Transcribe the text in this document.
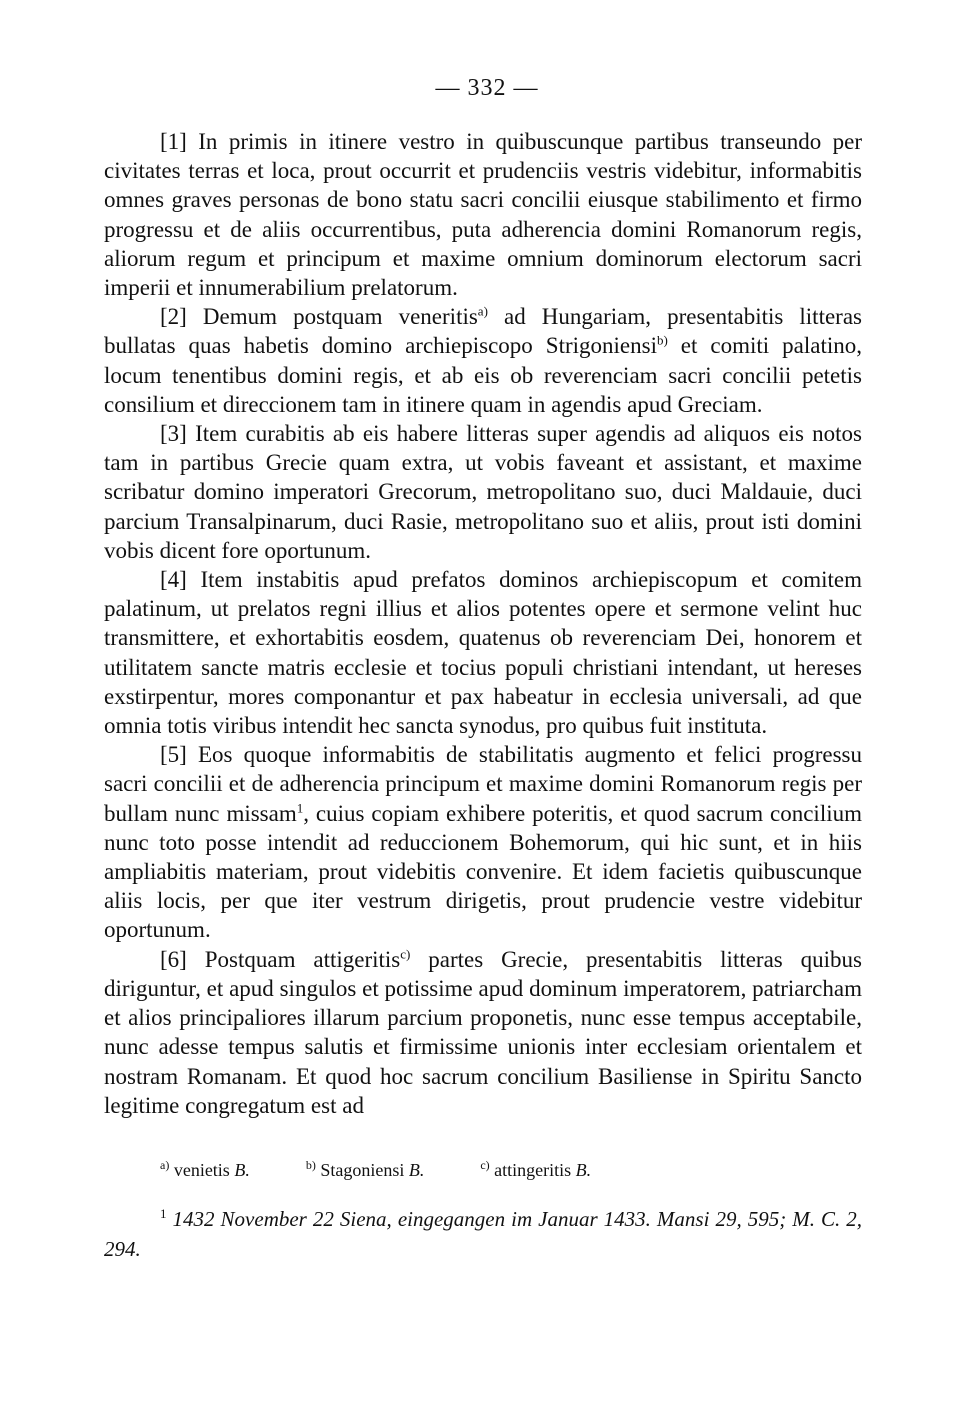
— 332 —

[1] In primis in itinere vestro in quibuscunque partibus transeundo per civitates terras et loca, prout occurrit et prudenciis vestris videbitur, informabitis omnes graves personas de bono statu sacri concilii eiusque stabilimento et firmo progressu et de aliis occurrentibus, puta adherencia domini Romanorum regis, aliorum regum et principum et maxime omnium dominorum electorum sacri imperii et innumerabilium prelatorum.

[2] Demum postquam veneritis$^{a)}$ ad Hungariam, presentabitis litteras bullatas quas habetis domino archiepiscopo Strigoniensi$^{b)}$ et comiti palatino, locum tenentibus domini regis, et ab eis ob reverenciam sacri concilii petetis consilium et direccionem tam in itinere quam in agendis apud Greciam.

[3] Item curabitis ab eis habere litteras super agendis ad aliquos eis notos tam in partibus Grecie quam extra, ut vobis faveant et assistant, et maxime scribatur domino imperatori Grecorum, metropolitano suo, duci Maldauie, duci parcium Transalpinarum, duci Rasie, metropolitano suo et aliis, prout isti domini vobis dicent fore oportunum.

[4] Item instabitis apud prefatos dominos archiepiscopum et comitem palatinum, ut prelatos regni illius et alios potentes opere et sermone velint huc transmittere, et exhortabitis eosdem, quatenus ob reverenciam Dei, honorem et utilitatem sancte matris ecclesie et tocius populi christiani intendant, ut hereses exstirpentur, mores componantur et pax habeatur in ecclesia universali, ad que omnia totis viribus intendit hec sancta synodus, pro quibus fuit instituta.

[5] Eos quoque informabitis de stabilitatis augmento et felici progressu sacri concilii et de adherencia principum et maxime domini Romanorum regis per bullam nunc missam$^1$, cuius copiam exhibere poteritis, et quod sacrum concilium nunc toto posse intendit ad reduccionem Bohemorum, qui hic sunt, et in hiis ampliabitis materiam, prout videbitis convenire. Et idem facietis quibuscunque aliis locis, per que iter vestrum dirigetis, prout prudencie vestre videbitur oportunum.

[6] Postquam attigeritis$^{c)}$ partes Grecie, presentabitis litteras quibus diriguntur, et apud singulos et potissime apud dominum imperatorem, patriarcham et alios principaliores illarum parcium proponetis, nunc esse tempus acceptabile, nunc adesse tempus salutis et firmissime unionis inter ecclesiam orientalem et nostram Romanam. Et quod hoc sacrum concilium Basiliense in Spiritu Sancto legitime congregatum est ad

$^{a)}$ venietis B.	$^{b)}$ Stagoniensi B.	$^{c)}$ attingeritis B.
$^1$ 1432 November 22 Siena, eingegangen im Januar 1433. Mansi 29, 595; M. C. 2, 294.
